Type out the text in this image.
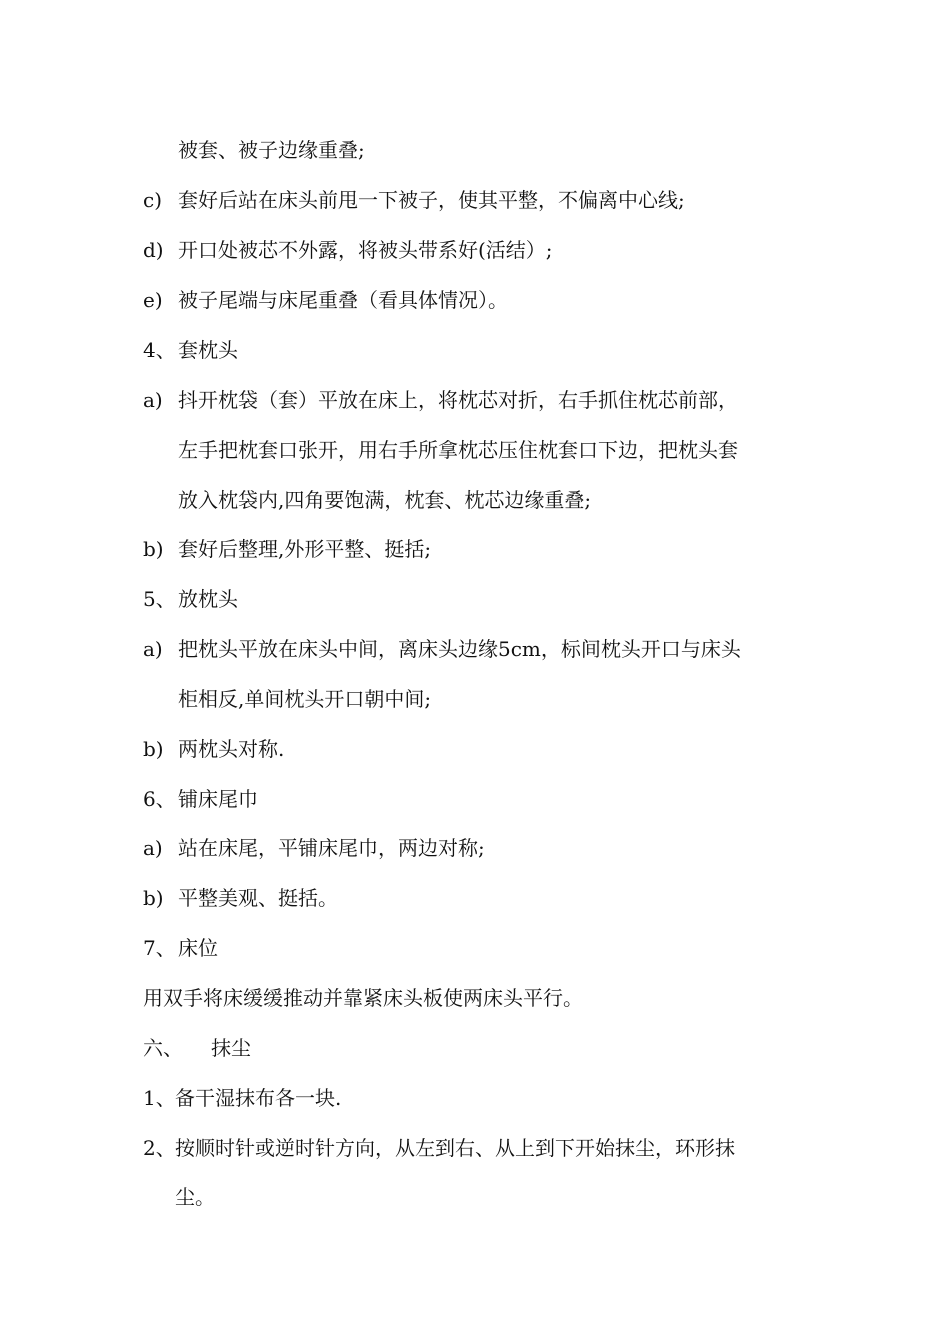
被套、被子边缘重叠;
c) 套好后站在床头前甩一下被子，使其平整，不偏离中心线;
d) 开口处被芯不外露，将被头带系好(活结）;
e) 被子尾端与床尾重叠（看具体情况）。
4、 套枕头
a) 抖开枕袋（套）平放在床上，将枕芯对折，右手抓住枕芯前部，
左手把枕套口张开，用右手所拿枕芯压住枕套口下边，把枕头套
放入枕袋内,四角要饱满，枕套、枕芯边缘重叠;
b) 套好后整理,外形平整、挺括;
5、 放枕头
a) 把枕头平放在床头中间，离床头边缘5cm，标间枕头开口与床头
柜相反,单间枕头开口朝中间;
b) 两枕头对称.
6、 铺床尾巾
a) 站在床尾，平铺床尾巾，两边对称;
b) 平整美观、挺括。
7、 床位
用双手将床缓缓推动并靠紧床头板使两床头平行。
六、 抹尘
1、 备干湿抹布各一块.
2、 按顺时针或逆时针方向，从左到右、从上到下开始抹尘，环形抹
尘。
